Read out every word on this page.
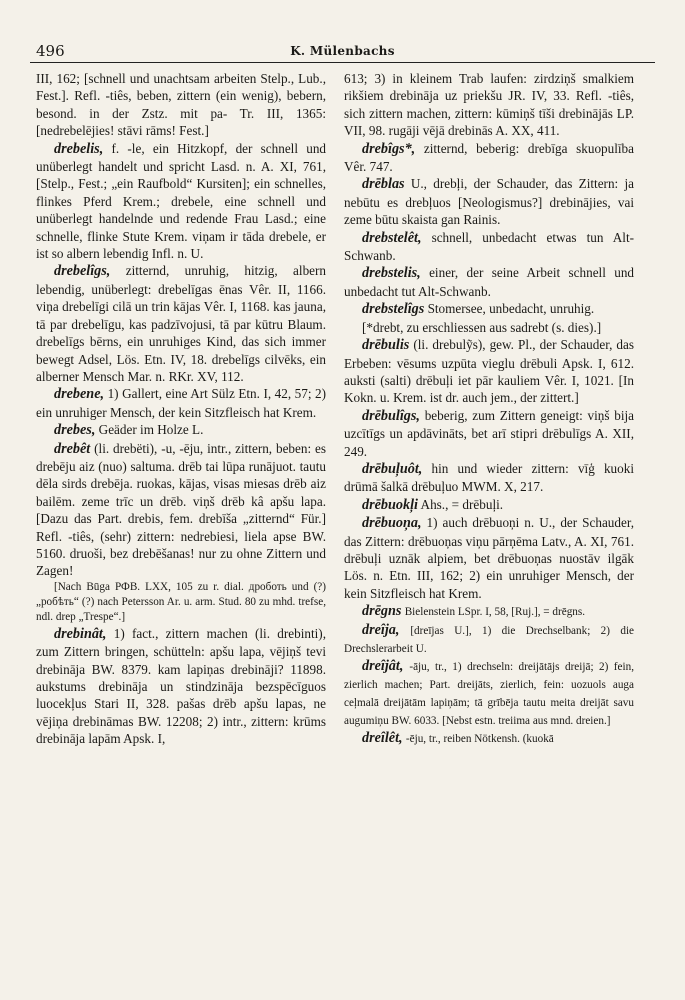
496	K. Mülenbachs

III, 162; [schnell und unachtsam arbeiten Stelp., Lub., Fest.]. Refl. -tiês, beben, zittern (ein wenig), bebern, besond. in der Zstz. mit pa- Tr. III, 1365: [nedrebelējies! stāvi rāms! Fest.]

drebelis, f. -le, ein Hitzkopf, der schnell und unüberlegt handelt und spricht Lasd. n. A. XI, 761, [Stelp., Fest.; „ein Raufbold“ Kursiten]; ein schnelles, flinkes Pferd Krem.; drebele, eine schnell und unüberlegt handelnde und redende Frau Lasd.; eine schnelle, flinke Stute Krem. viņam ir tāda drebele, er ist so albern lebendig Infl. n. U.

drebelîgs, zitternd, unruhig, hitzig, albern lebendig, unüberlegt: drebelīgas ēnas Vêr. II, 1166. viņa drebelīgi cilā un trin kājas Vêr. I, 1168. kas jauna, tā par drebelīgu, kas padzīvojusi, tā par kūtru Blaum. drebelīgs bērns, ein unruhiges Kind, das sich immer bewegt Adsel, Lös. Etn. IV, 18. drebelīgs cilvēks, ein alberner Mensch Mar. n. RKr. XV, 112.

drebene, 1) Gallert, eine Art Sülz Etn. I, 42, 57; 2) ein unruhiger Mensch, der kein Sitzfleisch hat Krem.

drebes, Geäder im Holze L.

drebêt (li. drebëti), -u, -ēju, intr., zittern, beben: es drebēju aiz (nuo) saltuma. drēb tai lūpa runājuot. tautu dēla sirds drebēja. ruokas, kājas, visas miesas drēb aiz bailēm. zeme trīc un drēb. viņš drēb kâ apšu lapa. [Dazu das Part. drebis, fem. drebīša „zitternd“ Für.] Refl. -tiês, (sehr) zittern: nedrebiesi, liela apse BW. 5160. druoši, bez drebēšanas! nur zu ohne Zittern und Zagen!

[Nach Būga РФВ. LXX, 105 zu r. dial. дроботь und (?) „робѣть“ (?) nach Petersson Ar. u. arm. Stud. 80 zu mhd. trefse, ndl. drep „Trespe“.]

drebinât, 1) fact., zittern machen (li. drebinti), zum Zittern bringen, schütteln: apšu lapa, vējiņš tevi drebināja BW. 8379. kam lapiņas drebināji? 11898. aukstums drebināja un stindzināja bezspēcīguos luocekļus Stari II, 328. pašas drēb apšu lapas, ne vējiņa drebināmas BW. 12208; 2) intr., zittern: krūms drebināja lapām Apsk. I,

613; 3) in kleinem Trab laufen: zirdziņš smalkiem rikšiem drebināja uz priekšu JR. IV, 33. Refl. -tiês, sich zittern machen, zittern: kūmiņš tīši drebinājās LP. VII, 98. rugāji vējā drebinās A. XX, 411.

drebîgs*, zitternd, beberig: drebīga skuopulība Vêr. 747.

drēblas U., drebļi, der Schauder, das Zittern: ja nebūtu es drebļuos [Neologismus?] drebinājies, vai zeme būtu skaista gan Rainis.

drebstelêt, schnell, unbedacht etwas tun Alt-Schwanb.

drebstelis, einer, der seine Arbeit schnell und unbedacht tut Alt-Schwanb.

drebstelîgs Stomersee, unbedacht, unruhig.

[*drebt, zu erschliessen aus sadrebt (s. dies).]

drēbulis (li. drebulỹs), gew. Pl., der Schauder, das Erbeben: vēsums uzpūta vieglu drēbuli Apsk. I, 612. auksti (salti) drēbuļi iet pār kauliem Vêr. I, 1021. [In Kokn. u. Krem. ist dr. auch jem., der zittert.]

drēbulîgs, beberig, zum Zittern geneigt: viņš bija uzcītīgs un apdāvināts, bet arī stipri drēbulīgs A. XII, 249.

drēbuļuôt, hin und wieder zittern: vīģ kuoki drūmā šalkā drēbuļuo MWM. X, 217.

drēbuokļi Ahs., = drēbuļi.

drēbuoņa, 1) auch drēbuoņi n. U., der Schauder, das Zittern: drēbuoņas viņu pārņēma Latv., A. XI, 761. drēbuļi uznāk alpiem, bet drēbuoņas nuostāv ilgāk Lös. n. Etn. III, 162; 2) ein unruhiger Mensch, der kein Sitzfleisch hat Krem.

drēgns Bielenstein LSpr. I, 58, [Ruj.], = drēgns.

drеîja, [dreījas U.], 1) die Drechselbank; 2) die Drechslerarbeit U.

dreîjât, -āju, tr., 1) drechseln: dreijātājs dreijā; 2) fein, zierlich machen; Part. dreijāts, zierlich, fein: uozuols auga ceļmalā dreijātām lapiņām; tā grībēja tautu meita dreijāt savu augumiņu BW. 6033. [Nebst estn. treiima aus mnd. dreien.]

dreîlêt, -ēju, tr., reiben Nötkensh. (kuokā
